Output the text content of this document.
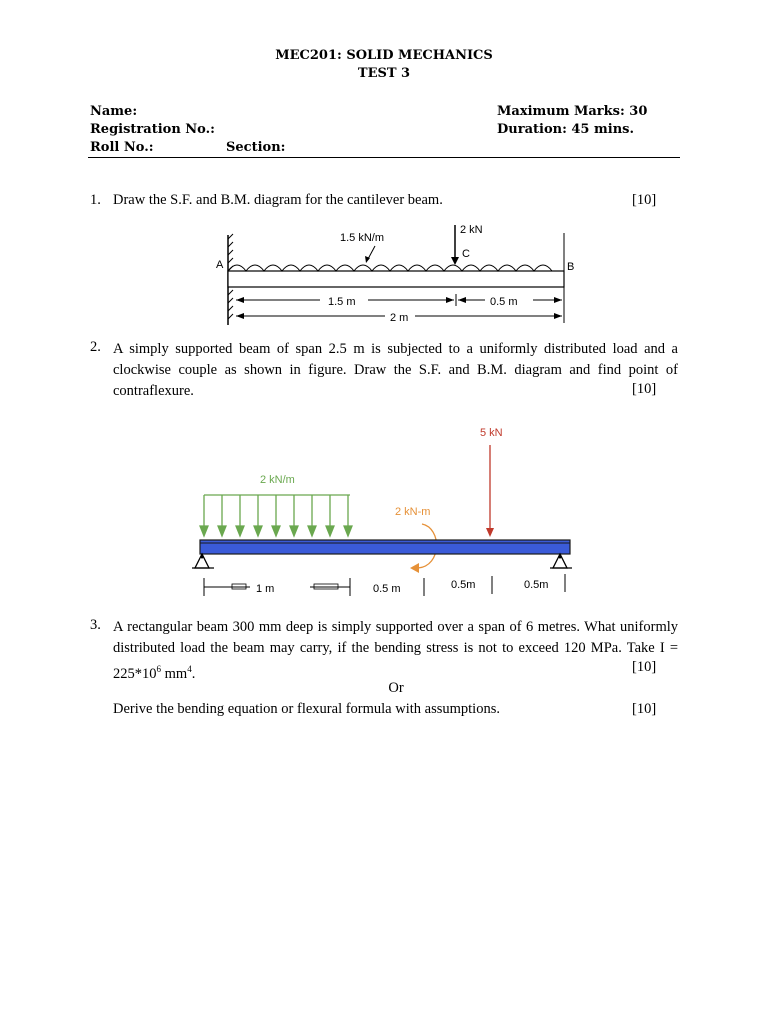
MEC201: SOLID MECHANICS
TEST 3
Name:
Registration No.:
Roll No.:	Section:
Maximum Marks: 30
Duration: 45 mins.
1. Draw the S.F. and B.M. diagram for the cantilever beam.	[10]
1.5 kN/m
2 kN
C
A	B
1.5 m	0.5 m
2 m
2. A simply supported beam of span 2.5 m is subjected to a uniformly distributed load and a clockwise couple as shown in figure. Draw the S.F. and B.M. diagram and find point of contraflexure.	[10]
5 kN
2 kN/m
2 kN-m
1 m	0.5 m	0.5m	0.5m
3. A rectangular beam 300 mm deep is simply supported over a span of 6 metres. What uniformly distributed load the beam may carry, if the bending stress is not to exceed 120 MPa. Take $I = 225*10^6$ $mm^4$.	[10]
Or
Derive the bending equation or flexural formula with assumptions.	[10]
